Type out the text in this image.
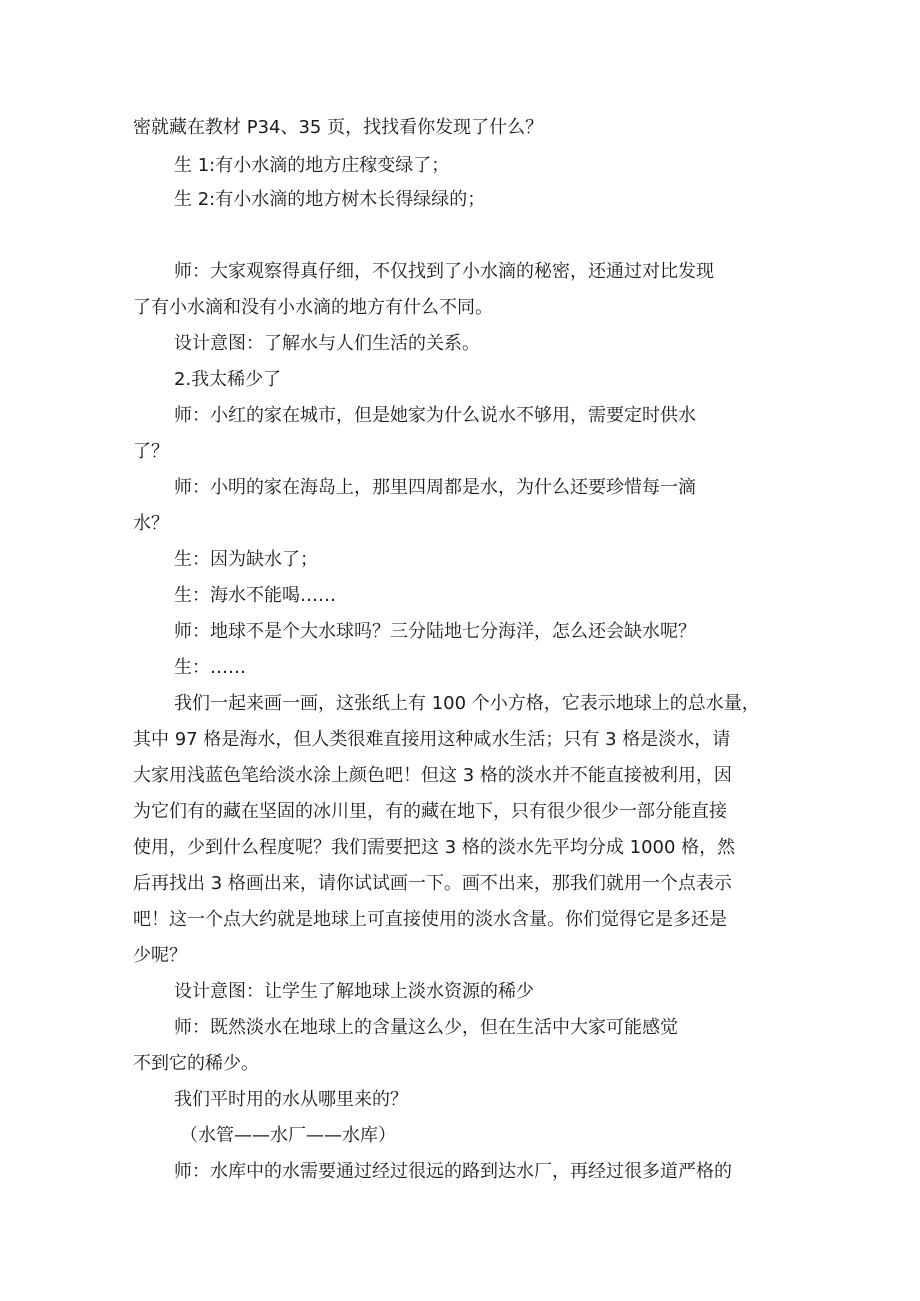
密就藏在教材 P34、35 页，找找看你发现了什么？

生 1:有小水滴的地方庄稼变绿了；

生 2:有小水滴的地方树木长得绿绿的；

师：大家观察得真仔细，不仅找到了小水滴的秘密，还通过对比发现

了有小水滴和没有小水滴的地方有什么不同。

设计意图：了解水与人们生活的关系。

2.我太稀少了

师：小红的家在城市，但是她家为什么说水不够用，需要定时供水

了？

师：小明的家在海岛上，那里四周都是水，为什么还要珍惜每一滴

水？

生：因为缺水了；

生：海水不能喝……

师：地球不是个大水球吗？三分陆地七分海洋，怎么还会缺水呢？

生：……

我们一起来画一画，这张纸上有 100 个小方格，它表示地球上的总水量，

其中 97 格是海水，但人类很难直接用这种咸水生活；只有 3 格是淡水，请

大家用浅蓝色笔给淡水涂上颜色吧！但这 3 格的淡水并不能直接被利用，因

为它们有的藏在坚固的冰川里，有的藏在地下，只有很少很少一部分能直接

使用，少到什么程度呢？我们需要把这 3 格的淡水先平均分成 1000 格，然

后再找出 3 格画出来，请你试试画一下。画不出来，那我们就用一个点表示

吧！这一个点大约就是地球上可直接使用的淡水含量。你们觉得它是多还是

少呢？

设计意图：让学生了解地球上淡水资源的稀少

师：既然淡水在地球上的含量这么少，但在生活中大家可能感觉

不到它的稀少。

我们平时用的水从哪里来的？

（水管——水厂——水库）

师：水库中的水需要通过经过很远的路到达水厂，再经过很多道严格的
